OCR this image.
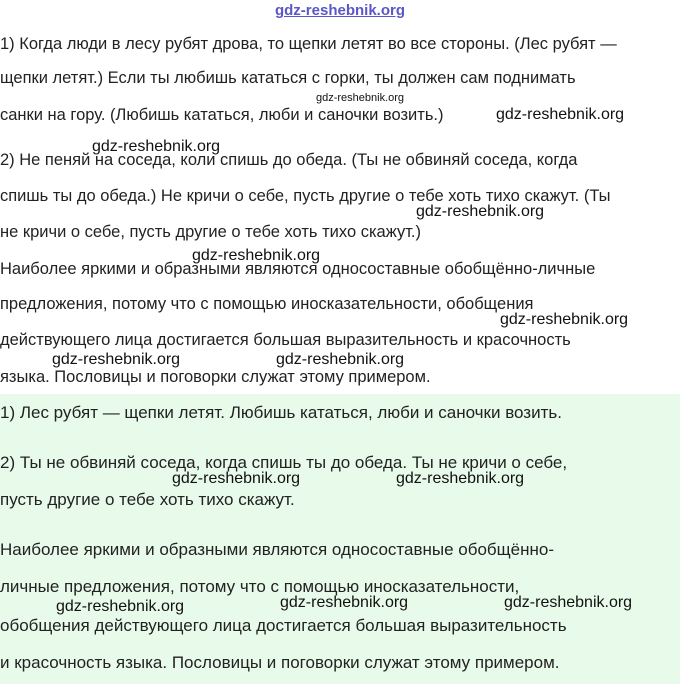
gdz-reshebnik.org
1) Когда люди в лесу рубят дрова, то щепки летят во все стороны. (Лес рубят —
щепки летят.) Если ты любишь кататься с горки, ты должен сам поднимать
санки на гору. (Любишь кататься, люби и саночки возить.)
2) Не пеняй на соседа, коли спишь до обеда. (Ты не обвиняй соседа, когда
спишь ты до обеда.) Не кричи о себе, пусть другие о тебе хоть тихо скажут. (Ты
не кричи о себе, пусть другие о тебе хоть тихо скажут.)
Наиболее яркими и образными являются односоставные обобщённо-личные
предложения, потому что с помощью иносказательности, обобщения
действующего лица достигается большая выразительность и красочность
языка. Пословицы и поговорки служат этому примером.
gdz-reshebnik.org
gdz-reshebnik.org
gdz-reshebnik.org
gdz-reshebnik.org
gdz-reshebnik.org
gdz-reshebnik.org
gdz-reshebnik.org	gdz-reshebnik.org
1) Лес рубят — щепки летят. Любишь кататься, люби и саночки возить.
2) Ты не обвиняй соседа, когда спишь ты до обеда. Ты не кричи о себе,
пусть другие о тебе хоть тихо скажут.
Наиболее яркими и образными являются односоставные обобщённо-
личные предложения, потому что с помощью иносказательности,
обобщения действующего лица достигается большая выразительность
и красочность языка. Пословицы и поговорки служат этому примером.
gdz-reshebnik.org	gdz-reshebnik.org
gdz-reshebnik.org	gdz-reshebnik.org	gdz-reshebnik.org
